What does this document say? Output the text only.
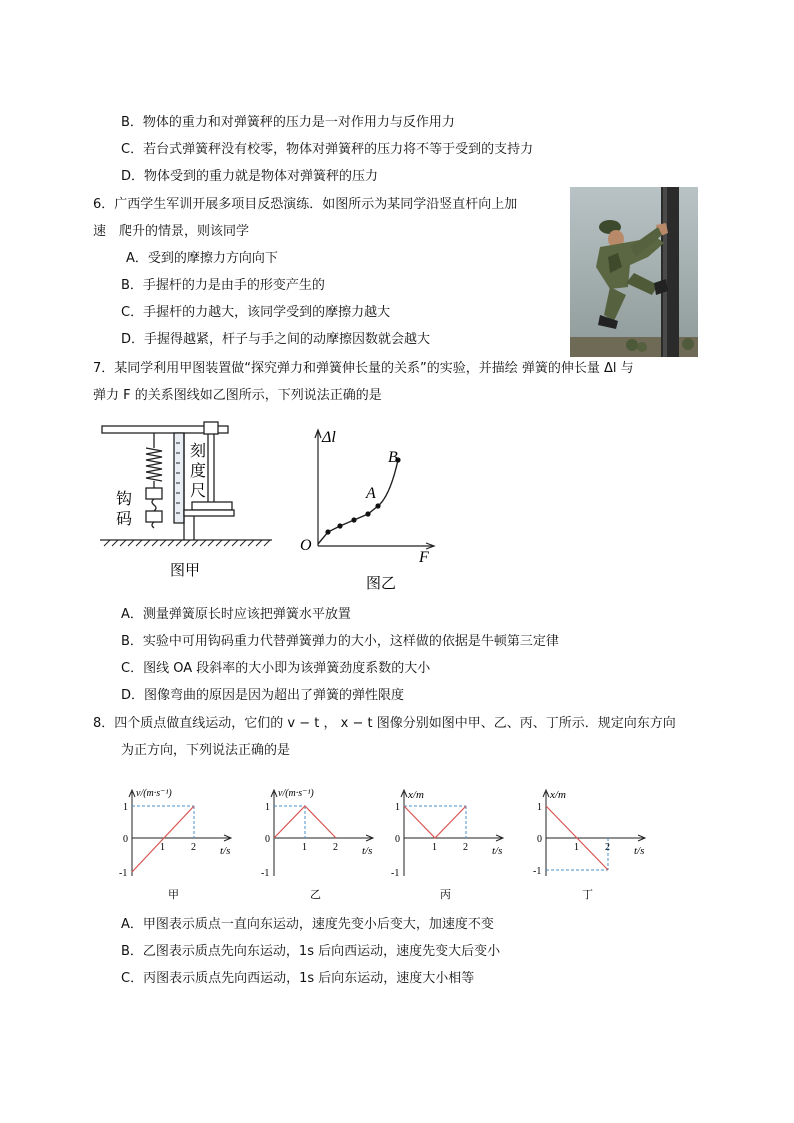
B．物体的重力和对弹簧秤的压力是一对作用力与反作用力
C．若台式弹簧秤没有校零，物体对弹簧秤的压力将不等于受到的支持力
D．物体受到的重力就是物体对弹簧秤的压力
6．广西学生军训开展多项目反恐演练．如图所示为某同学沿竖直杆向上加
速　爬升的情景，则该同学
A．受到的摩擦力方向向下
B．手握杆的力是由手的形变产生的
C．手握杆的力越大，该同学受到的摩擦力越大
D．手握得越紧，杆子与手之间的动摩擦因数就会越大
7．某同学利用甲图装置做“探究弹力和弹簧伸长量的关系”的实验，并描绘 弹簧的伸长量 Δl 与
弹力 F 的关系图线如乙图所示，下列说法正确的是
刻
度
尺
钩
码
图甲
Δl
F
O
A
B
图乙
A．测量弹簧原长时应该把弹簧水平放置
B．实验中可用钩码重力代替弹簧弹力的大小，这样做的依据是牛顿第三定律
C．图线 OA 段斜率的大小即为该弹簧劲度系数的大小
D．图像弯曲的原因是因为超出了弹簧的弹性限度
8．四个质点做直线运动，它们的 v − t ， x − t 图像分别如图中甲、乙、丙、丁所示．规定向东方向
为正方向，下列说法正确的是
v/(m·s⁻¹)
t/s
1
0
-1
1	2
甲
v/(m·s⁻¹)
t/s
1
0
-1
1	2
乙
x/m
t/s
1
0
-1
1	2
丙
x/m
t/s
1
0
-1
1	2
丁
A．甲图表示质点一直向东运动，速度先变小后变大，加速度不变
B．乙图表示质点先向东运动，1s 后向西运动，速度先变大后变小
C．丙图表示质点先向西运动，1s 后向东运动，速度大小相等
